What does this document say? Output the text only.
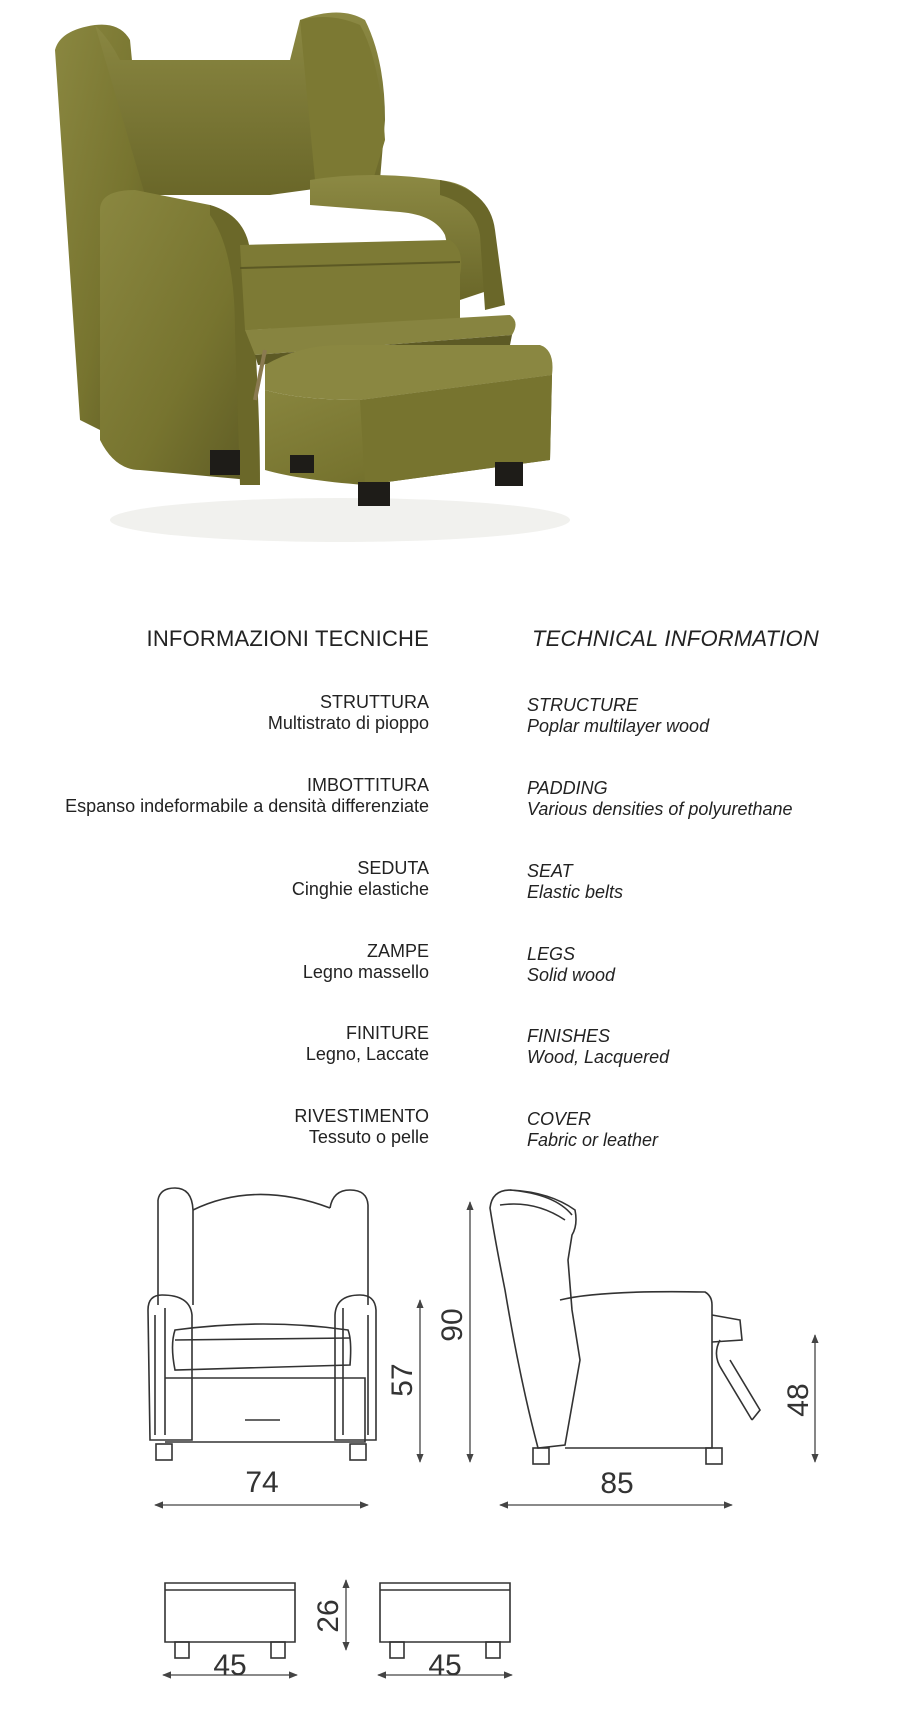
INFORMAZIONI TECNICHE	TECHNICAL INFORMATION
STRUTTURA
Multistrato di pioppo
IMBOTTITURA
Espanso indeformabile a densità differenziate
SEDUTA
Cinghie elastiche
ZAMPE
Legno massello
FINITURE
Legno, Laccate
RIVESTIMENTO
Tessuto o pelle
STRUCTURE
Poplar multilayer wood
PADDING
Various densities of polyurethane
SEAT
Elastic belts
LEGS
Solid wood
FINISHES
Wood, Lacquered
COVER
Fabric or leather
74
57
90
85
48
45
26
45
